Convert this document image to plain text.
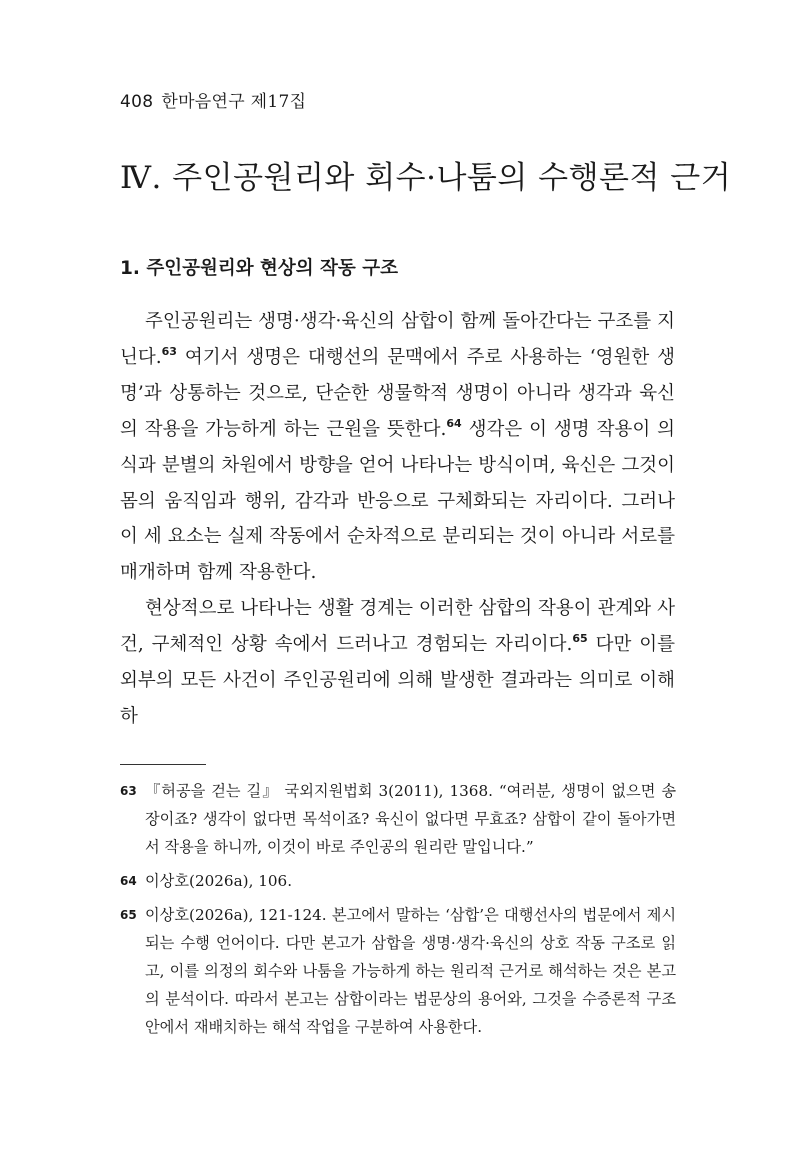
408 한마음연구 제17집
Ⅳ. 주인공원리와 회수·나툼의 수행론적 근거
1. 주인공원리와 현상의 작동 구조

주인공원리는 생명·생각·육신의 삼합이 함께 돌아간다는 구조를 지닌다.$^{63}$ 여기서 생명은 대행선의 문맥에서 주로 사용하는 ‘영원한 생명’과 상통하는 것으로, 단순한 생물학적 생명이 아니라 생각과 육신의 작용을 가능하게 하는 근원을 뜻한다.$^{64}$ 생각은 이 생명 작용이 의식과 분별의 차원에서 방향을 얻어 나타나는 방식이며, 육신은 그것이 몸의 움직임과 행위, 감각과 반응으로 구체화되는 자리이다. 그러나 이 세 요소는 실제 작동에서 순차적으로 분리되는 것이 아니라 서로를 매개하며 함께 작용한다.

현상적으로 나타나는 생활 경계는 이러한 삼합의 작용이 관계와 사건, 구체적인 상황 속에서 드러나고 경험되는 자리이다.$^{65}$ 다만 이를 외부의 모든 사건이 주인공원리에 의해 발생한 결과라는 의미로 이해하

63 『허공을 걷는 길』 국외지원법회 3(2011), 1368. “여러분, 생명이 없으면 송장이죠? 생각이 없다면 목석이죠? 육신이 없다면 무효죠? 삼합이 같이 돌아가면서 작용을 하니까, 이것이 바로 주인공의 원리란 말입니다.”
64 이상호(2026a), 106.
65 이상호(2026a), 121-124. 본고에서 말하는 ‘삼합’은 대행선사의 법문에서 제시되는 수행 언어이다. 다만 본고가 삼합을 생명·생각·육신의 상호 작동 구조로 읽고, 이를 의정의 회수와 나툼을 가능하게 하는 원리적 근거로 해석하는 것은 본고의 분석이다. 따라서 본고는 삼합이라는 법문상의 용어와, 그것을 수증론적 구조 안에서 재배치하는 해석 작업을 구분하여 사용한다.
